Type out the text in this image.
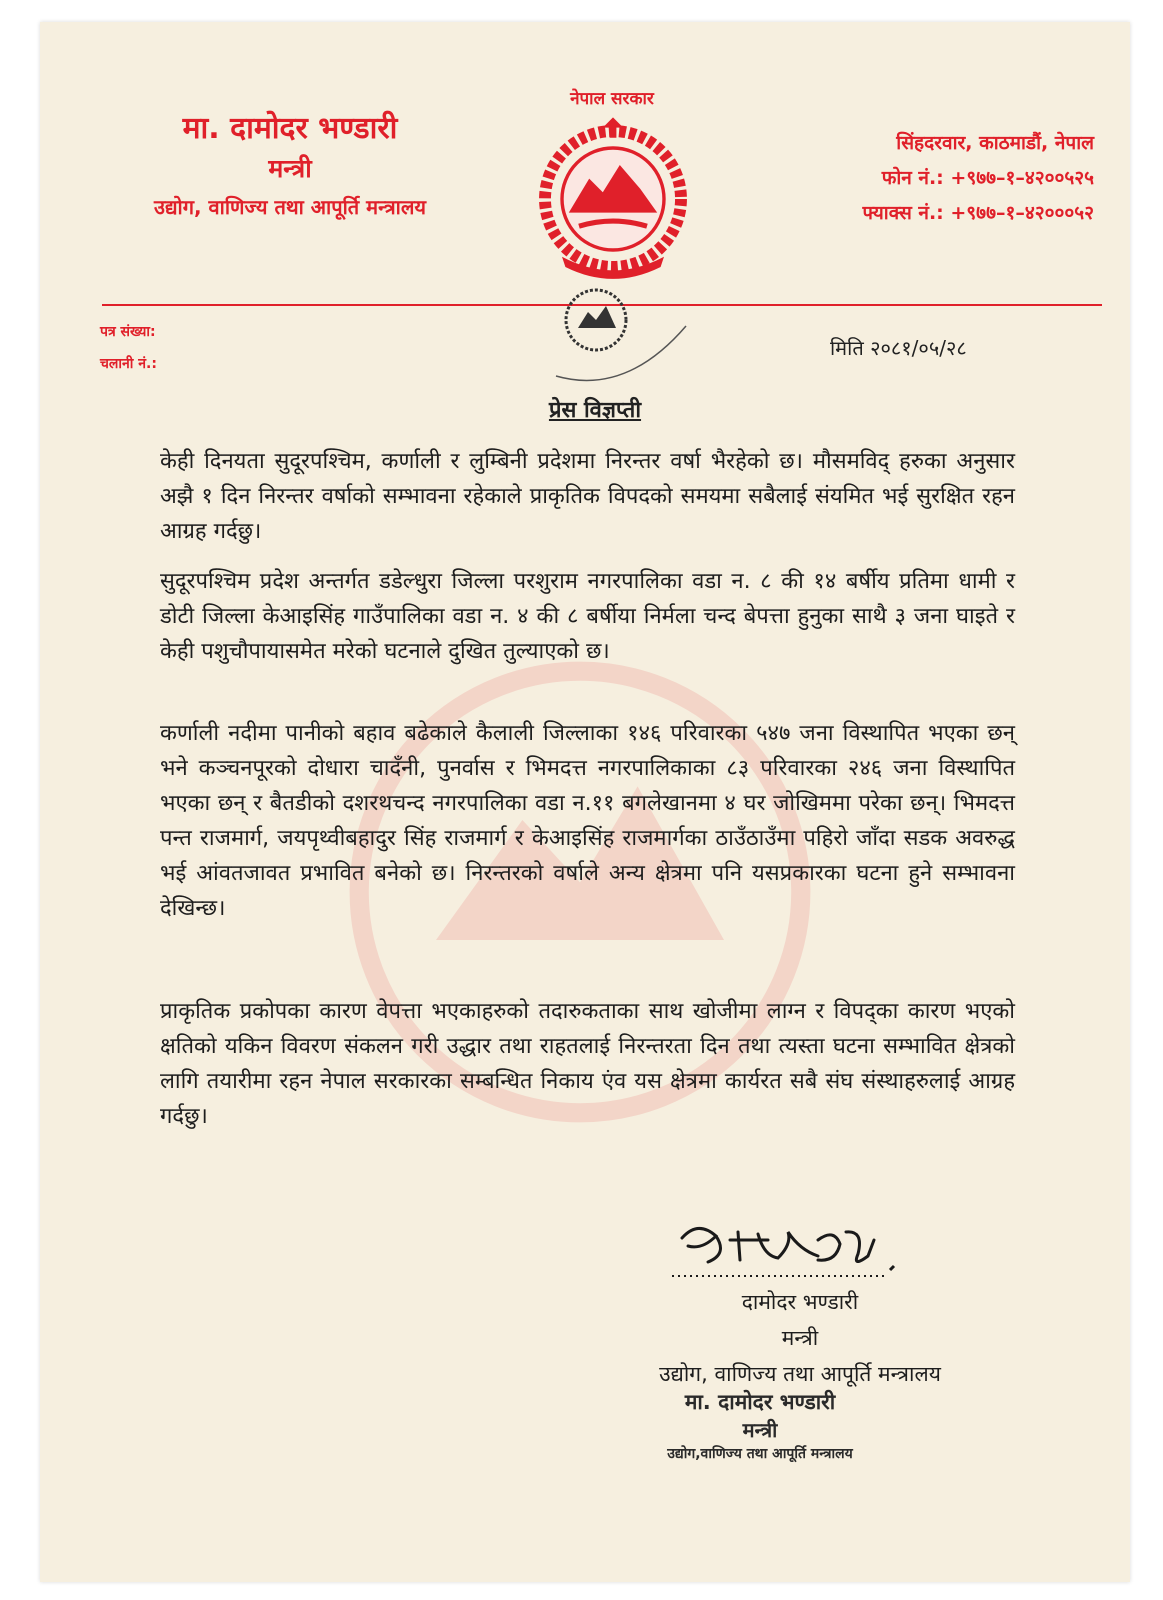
मा. दामोदर भण्डारी
मन्त्री
उद्योग, वाणिज्य तथा आपूर्ति मन्त्रालय
नेपाल सरकार
सिंहदरवार, काठमाडौं, नेपाल
फोन नं.: +९७७–१–४२००५२५
फ्याक्स नं.: +९७७–१–४२०००५२
पत्र संख्या:
चलानी नं.:
मिति २०८१/०५/२८
प्रेस विज्ञप्ती

केही दिनयता सुदूरपश्चिम, कर्णाली र लुम्बिनी प्रदेशमा निरन्तर वर्षा भैरहेको छ। मौसमविद् हरुका अनुसार अझै १ दिन निरन्तर वर्षाको सम्भावना रहेकाले प्राकृतिक विपदको समयमा सबैलाई संयमित भई सुरक्षित रहन आग्रह गर्दछु।

सुदूरपश्चिम प्रदेश अन्तर्गत डडेल्धुरा जिल्ला परशुराम नगरपालिका वडा न. ८ की १४ बर्षीय प्रतिमा धामी र डोटी जिल्ला केआइसिंह गाउँपालिका वडा न. ४ की ८ बर्षीया निर्मला चन्द बेपत्ता हुनुका साथै ३ जना घाइते र केही पशुचौपायासमेत मरेको घटनाले दुखित तुल्याएको छ।

कर्णाली नदीमा पानीको बहाव बढेकाले कैलाली जिल्लाका १४६ परिवारका ५४७ जना विस्थापित भएका छन् भने कञ्चनपूरको दोधारा चादँनी, पुनर्वास र भिमदत्त नगरपालिकाका ८३ परिवारका २४६ जना विस्थापित भएका छन् र बैतडीको दशरथचन्द नगरपालिका वडा न.११ बगलेखानमा ४ घर जोखिममा परेका छन्। भिमदत्त पन्त राजमार्ग, जयपृथ्वीबहादुर सिंह राजमार्ग र केआइसिंह राजमार्गका ठाउँठाउँमा पहिरो जाँदा सडक अवरुद्ध भई आंवतजावत प्रभावित बनेको छ। निरन्तरको वर्षाले अन्य क्षेत्रमा पनि यसप्रकारका घटना हुने सम्भावना देखिन्छ।

प्राकृतिक प्रकोपका कारण वेपत्ता भएकाहरुको तदारुकताका साथ खोजीमा लाग्न र विपद्का कारण भएको क्षतिको यकिन विवरण संकलन गरी उद्धार तथा राहतलाई निरन्तरता दिन तथा त्यस्ता घटना सम्भावित क्षेत्रको लागि तयारीमा रहन नेपाल सरकारका सम्बन्धित निकाय एंव यस क्षेत्रमा कार्यरत सबै संघ संस्थाहरुलाई आग्रह गर्दछु।

दामोदर भण्डारी
मन्त्री
उद्योग, वाणिज्य तथा आपूर्ति मन्त्रालय
मा. दामोदर भण्डारी
मन्त्री
उद्योग,वाणिज्य तथा आपूर्ति मन्त्रालय
